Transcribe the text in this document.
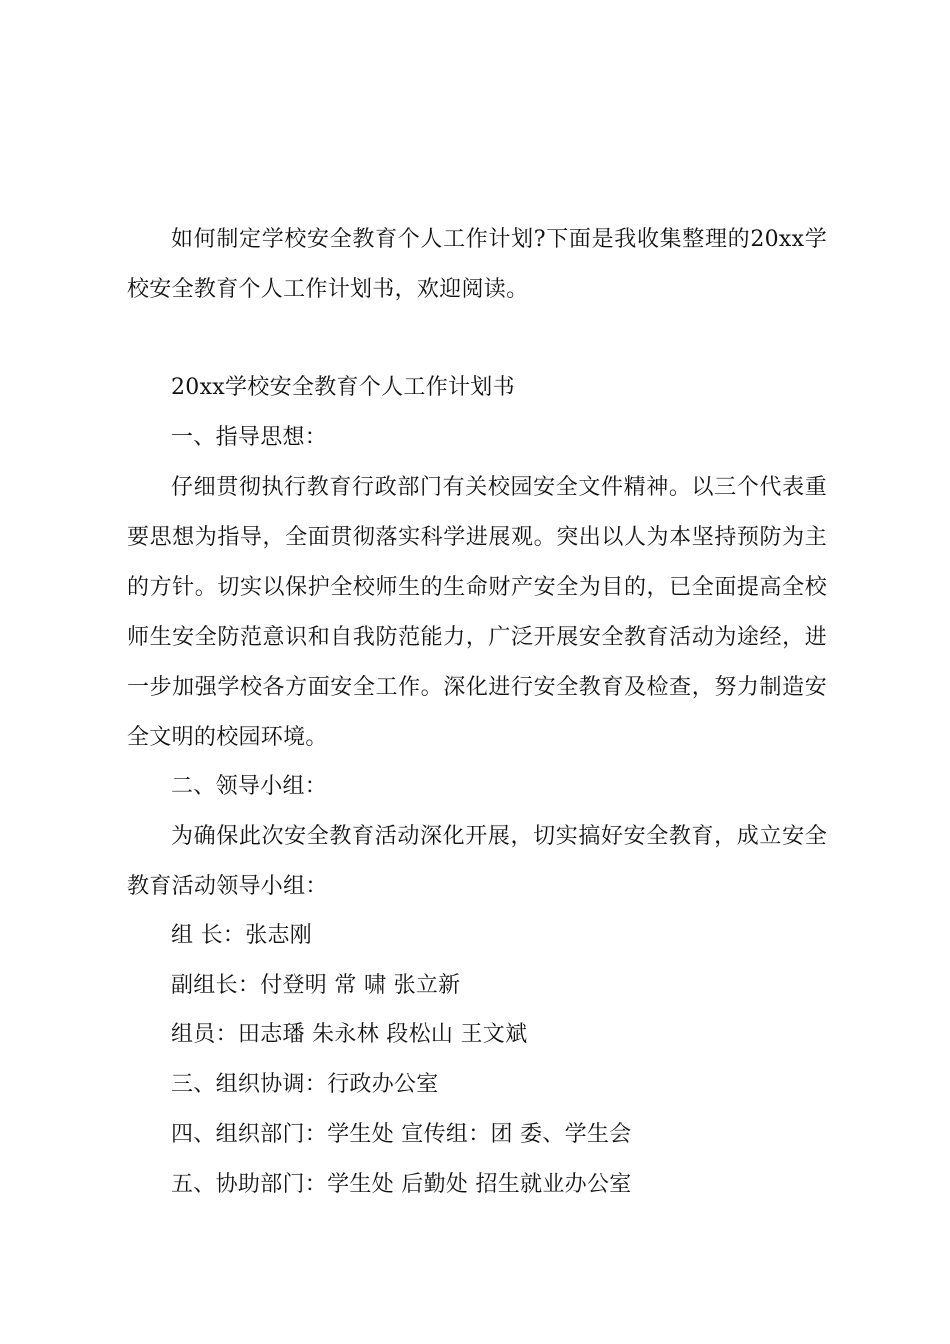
如何制定学校安全教育个人工作计划?下面是我收集整理的20xx学校安全教育个人工作计划书，欢迎阅读。

20xx学校安全教育个人工作计划书

一、指导思想：

仔细贯彻执行教育行政部门有关校园安全文件精神。以三个代表重要思想为指导，全面贯彻落实科学进展观。突出以人为本坚持预防为主的方针。切实以保护全校师生的生命财产安全为目的，已全面提高全校师生安全防范意识和自我防范能力，广泛开展安全教育活动为途经，进一步加强学校各方面安全工作。深化进行安全教育及检查，努力制造安全文明的校园环境。

二、领导小组：

为确保此次安全教育活动深化开展，切实搞好安全教育，成立安全教育活动领导小组：

组 长：张志刚

副组长：付登明 常 啸 张立新

组员：田志璠 朱永林 段松山 王文斌

三、组织协调：行政办公室

四、组织部门：学生处 宣传组：团 委、学生会

五、协助部门：学生处 后勤处 招生就业办公室
